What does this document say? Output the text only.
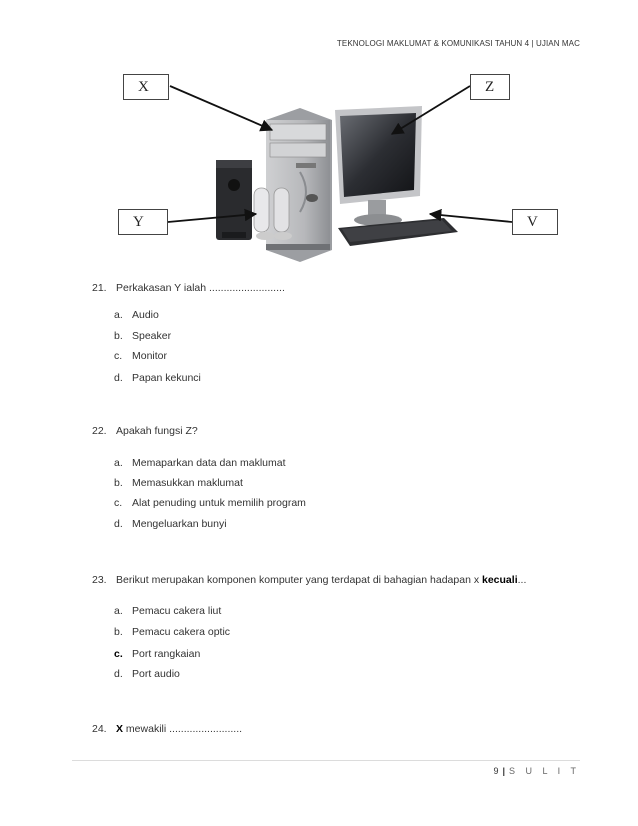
TEKNOLOGI MAKLUMAT & KOMUNIKASI TAHUN 4 | UJIAN MAC
X	Z
Y	V
21. Perkakasan Y ialah ..........................
a. Audio
b. Speaker
c. Monitor
d. Papan kekunci
22. Apakah fungsi Z?
a. Memaparkan data dan maklumat
b. Memasukkan maklumat
c. Alat penuding untuk memilih program
d. Mengeluarkan bunyi
23. Berikut merupakan komponen komputer yang terdapat di bahagian hadapan x kecuali...
a. Pemacu cakera liut
b. Pemacu cakera optic
c. Port rangkaian
d. Port audio
24. X mewakili .........................
9 | S U L I T
